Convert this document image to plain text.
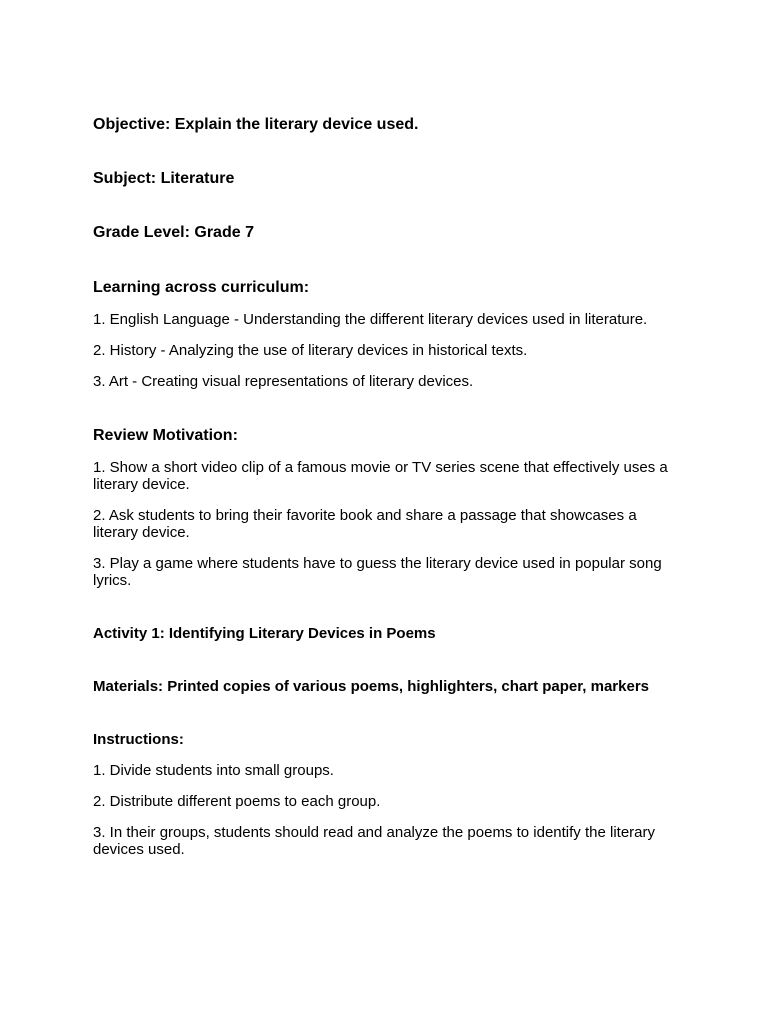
Objective: Explain the literary device used.

Subject: Literature

Grade Level: Grade 7

Learning across curriculum:

1. English Language - Understanding the different literary devices used in literature.

2. History - Analyzing the use of literary devices in historical texts.

3. Art - Creating visual representations of literary devices.

Review Motivation:

1. Show a short video clip of a famous movie or TV series scene that effectively uses a literary device.

2. Ask students to bring their favorite book and share a passage that showcases a literary device.

3. Play a game where students have to guess the literary device used in popular song lyrics.

Activity 1: Identifying Literary Devices in Poems

Materials: Printed copies of various poems, highlighters, chart paper, markers

Instructions:

1. Divide students into small groups.

2. Distribute different poems to each group.

3. In their groups, students should read and analyze the poems to identify the literary devices used.
